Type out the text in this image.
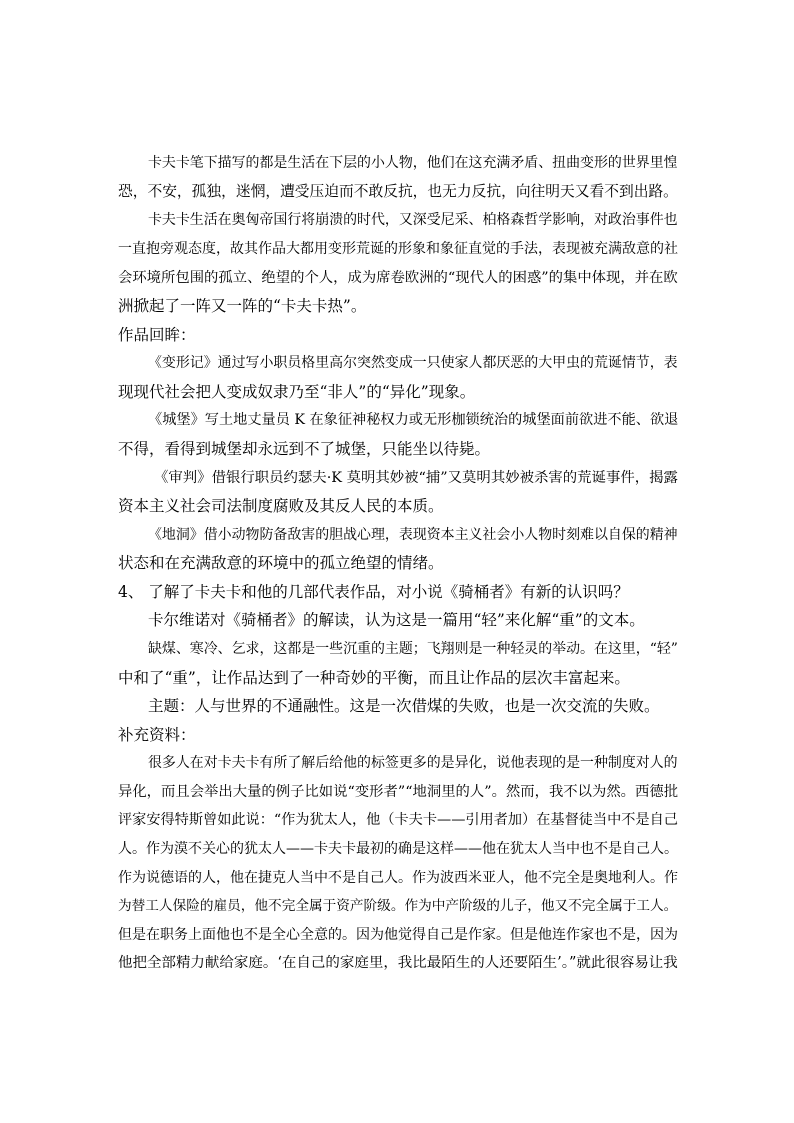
卡夫卡笔下描写的都是生活在下层的小人物，他们在这充满矛盾、扭曲变形的世界里惶
恐，不安，孤独，迷惘，遭受压迫而不敢反抗，也无力反抗，向往明天又看不到出路。
卡夫卡生活在奥匈帝国行将崩溃的时代，又深受尼采、柏格森哲学影响，对政治事件也
一直抱旁观态度，故其作品大都用变形荒诞的形象和象征直觉的手法，表现被充满敌意的社
会环境所包围的孤立、绝望的个人，成为席卷欧洲的“现代人的困惑”的集中体现，并在欧
洲掀起了一阵又一阵的“卡夫卡热”。
作品回眸：
《变形记》通过写小职员格里高尔突然变成一只使家人都厌恶的大甲虫的荒诞情节，表
现现代社会把人变成奴隶乃至“非人”的“异化”现象。
《城堡》写土地丈量员 K 在象征神秘权力或无形枷锁统治的城堡面前欲进不能、欲退
不得，看得到城堡却永远到不了城堡，只能坐以待毙。
《审判》借银行职员约瑟夫·K 莫明其妙被“捕”又莫明其妙被杀害的荒诞事件，揭露
资本主义社会司法制度腐败及其反人民的本质。
《地洞》借小动物防备敌害的胆战心理，表现资本主义社会小人物时刻难以自保的精神
状态和在充满敌意的环境中的孤立绝望的情绪。
4、 了解了卡夫卡和他的几部代表作品，对小说《骑桶者》有新的认识吗？
卡尔维诺对《骑桶者》的解读，认为这是一篇用“轻”来化解“重”的文本。
缺煤、寒冷、乞求，这都是一些沉重的主题；飞翔则是一种轻灵的举动。在这里，“轻”
中和了“重”，让作品达到了一种奇妙的平衡，而且让作品的层次丰富起来。
主题：人与世界的不通融性。这是一次借煤的失败，也是一次交流的失败。
补充资料：
很多人在对卡夫卡有所了解后给他的标签更多的是异化，说他表现的是一种制度对人的
异化，而且会举出大量的例子比如说“变形者”“地洞里的人”。然而，我不以为然。西德批
评家安得特斯曾如此说：“作为犹太人，他（卡夫卡——引用者加）在基督徒当中不是自己
人。作为漠不关心的犹太人——卡夫卡最初的确是这样——他在犹太人当中也不是自己人。
作为说德语的人，他在捷克人当中不是自己人。作为波西米亚人，他不完全是奥地利人。作
为替工人保险的雇员，他不完全属于资产阶级。作为中产阶级的儿子，他又不完全属于工人。
但是在职务上面他也不是全心全意的。因为他觉得自己是作家。但是他连作家也不是，因为
他把全部精力献给家庭。‘在自己的家庭里，我比最陌生的人还要陌生’。”就此很容易让我
